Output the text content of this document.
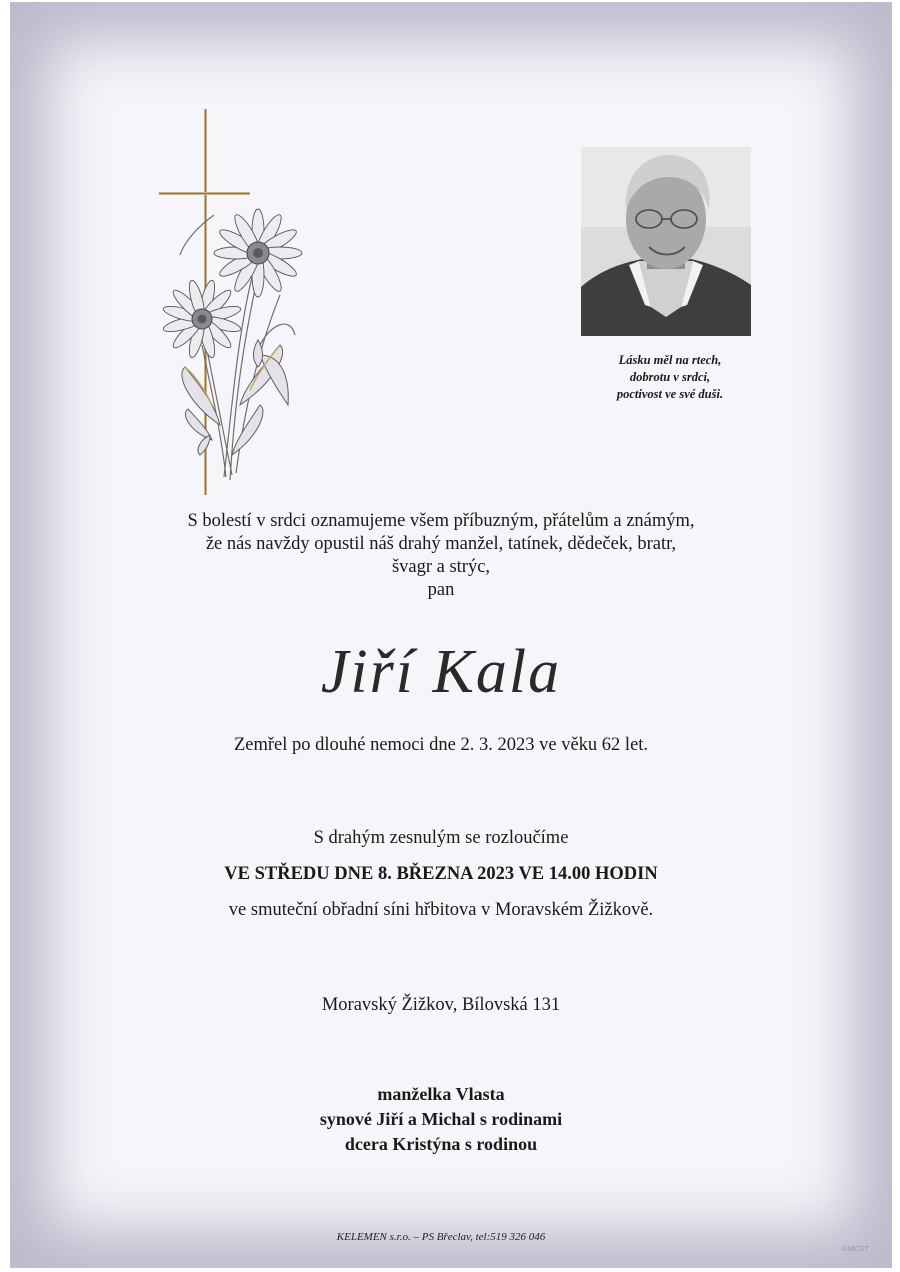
Lásku měl na rtech,
dobrotu v srdci,
poctivost ve své duši.
S bolestí v srdci oznamujeme všem příbuzným, přátelům a známým,
že nás navždy opustil náš drahý manžel, tatínek, dědeček, bratr,
švagr a strýc,
pan
Jiří Kala
Zemřel po dlouhé nemoci dne 2. 3. 2023 ve věku 62 let.
S drahým zesnulým se rozloučíme
VE STŘEDU DNE 8. BŘEZNA 2023 VE 14.00 HODIN
ve smuteční obřadní síni hřbitova v Moravském Žižkově.
Moravský Žižkov, Bílovská 131
manželka Vlasta
synové Jiří a Michal s rodinami
dcera Kristýna s rodinou
KELEMEN s.r.o. – PS Břeclav, tel:519 326 046
©MCST
